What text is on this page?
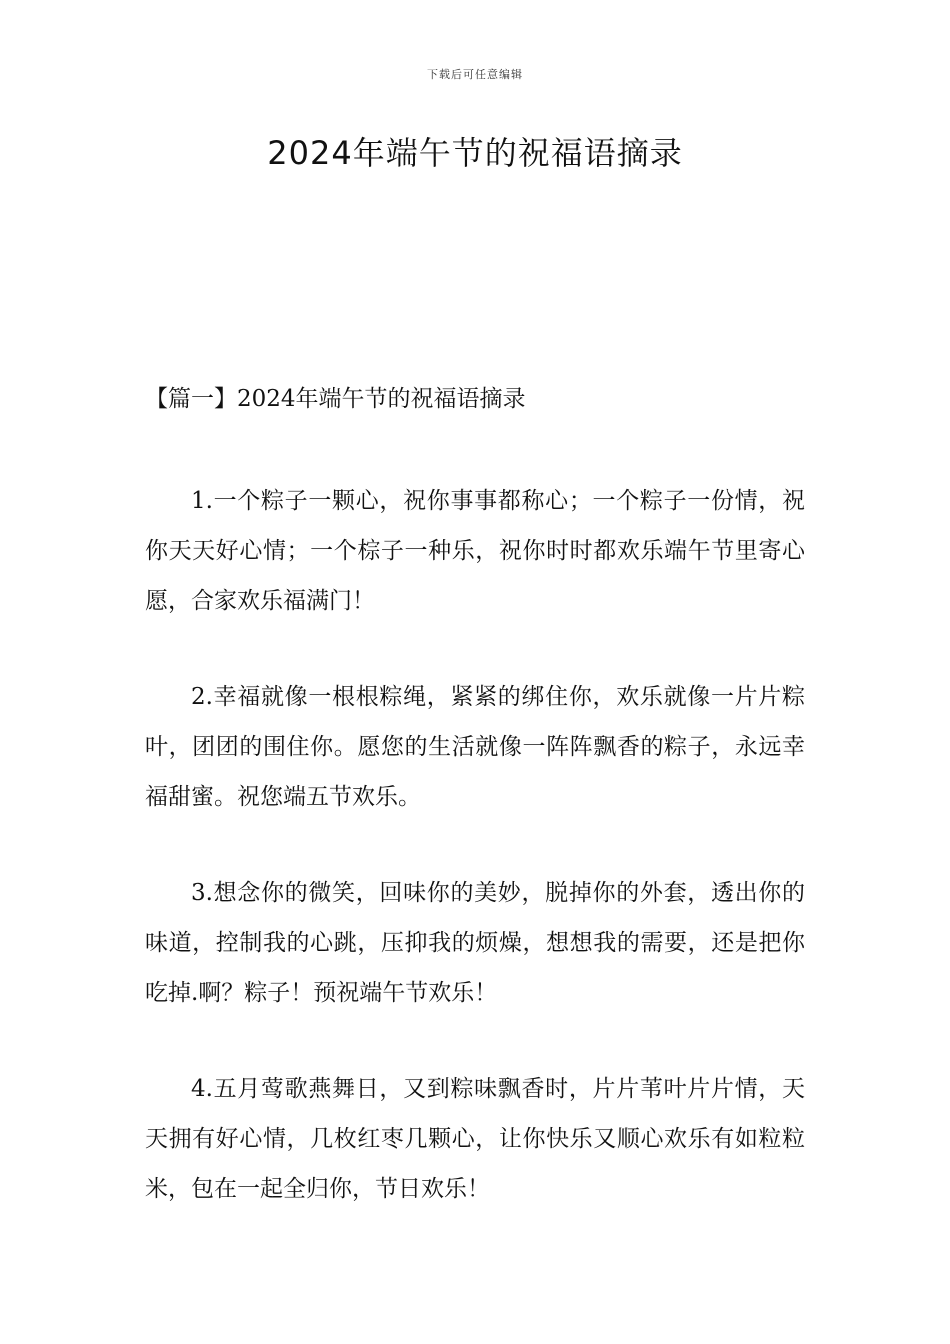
下载后可任意编辑
2024年端午节的祝福语摘录
【篇一】2024年端午节的祝福语摘录

1.一个粽子一颗心，祝你事事都称心；一个粽子一份情，祝你天天好心情；一个棕子一种乐，祝你时时都欢乐端午节里寄心愿，合家欢乐福满门！

2.幸福就像一根根粽绳，紧紧的绑住你，欢乐就像一片片粽叶，团团的围住你。愿您的生活就像一阵阵飘香的粽子，永远幸福甜蜜。祝您端五节欢乐。

3.想念你的微笑，回味你的美妙，脱掉你的外套，透出你的味道，控制我的心跳，压抑我的烦燥，想想我的需要，还是把你吃掉.啊？粽子！预祝端午节欢乐！

4.五月莺歌燕舞日，又到粽味飘香时，片片苇叶片片情，天天拥有好心情，几枚红枣几颗心，让你快乐又顺心欢乐有如粒粒米，包在一起全归你，节日欢乐！
